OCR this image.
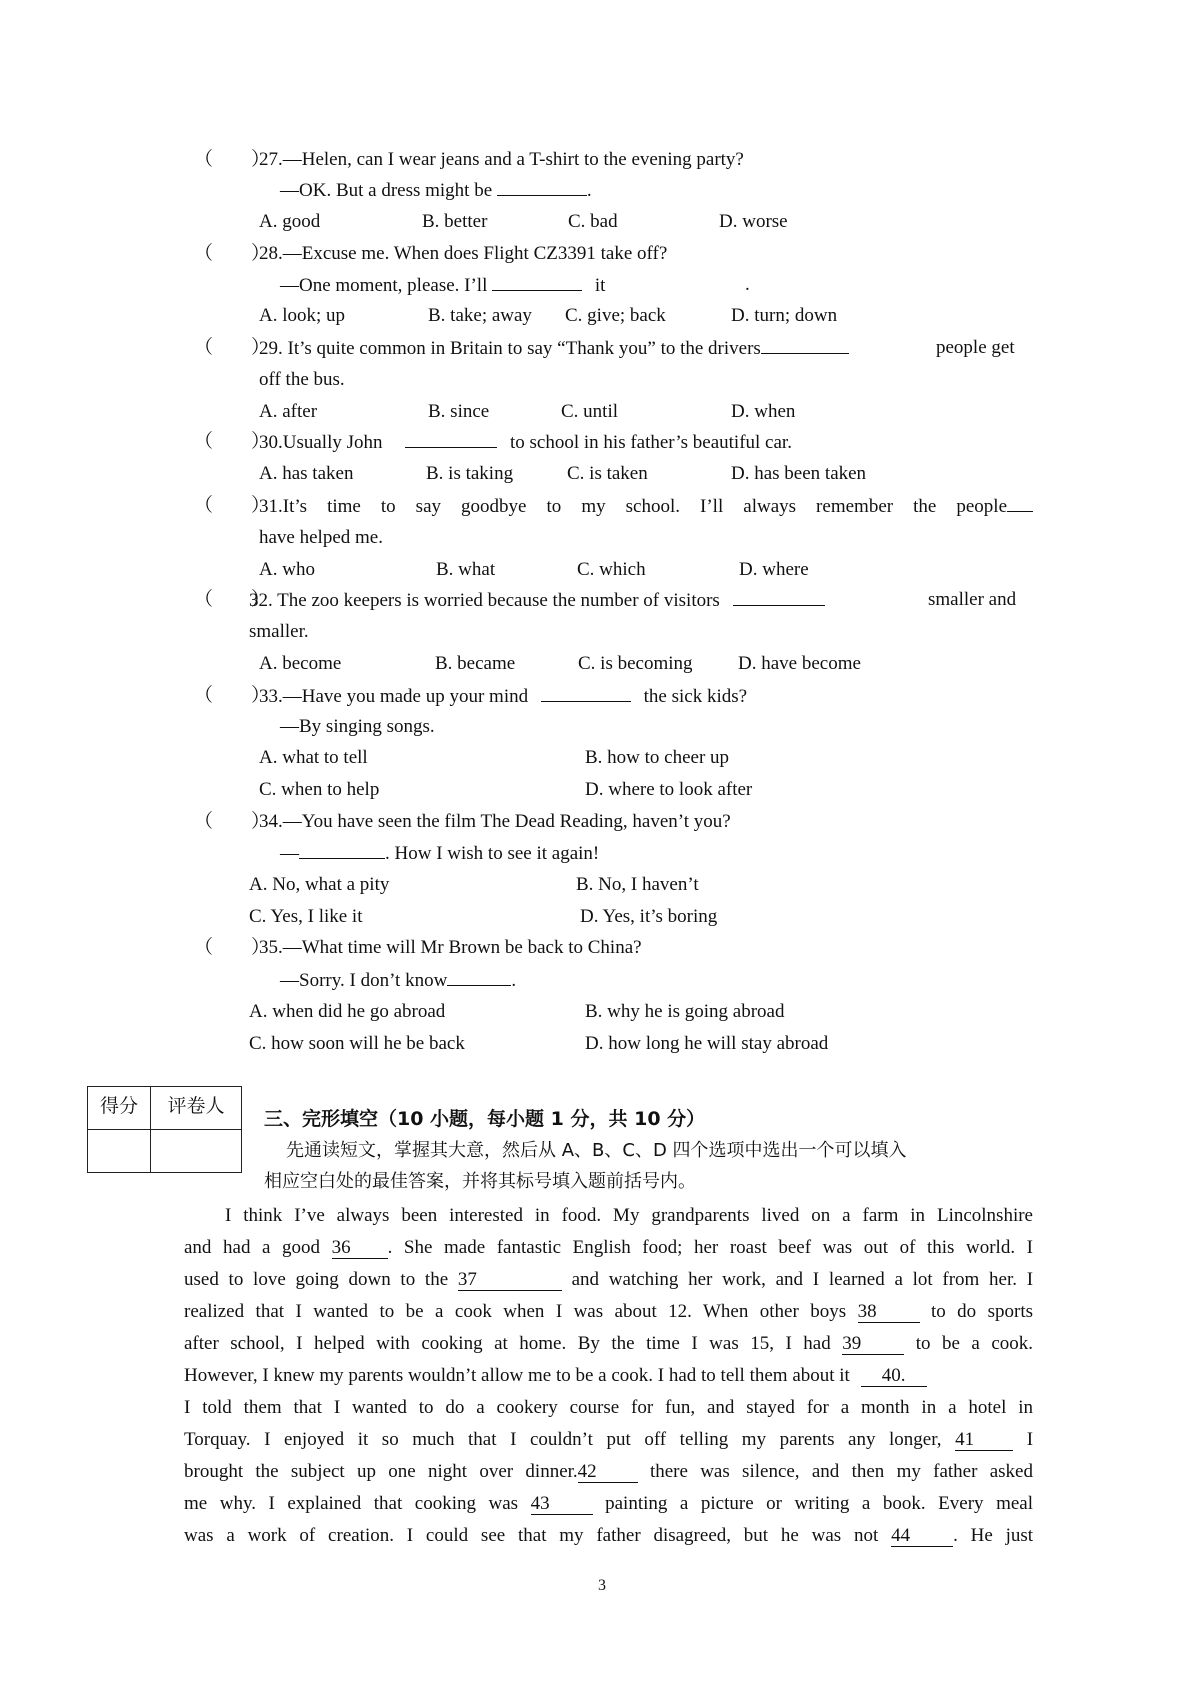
（　　）
27.—Helen, can I wear jeans and a T-shirt to the evening party?
—OK. But a dress might be	.
A. good	B. better	C. bad	D. worse
（　　）
28.—Excuse me. When does Flight CZ3391 take off?
—One moment, please. I’ll	it	.
A. look; up	B. take; away C. give; back	D. turn; down
（　　）
29. It’s quite common in Britain to say “Thank you” to the drivers	people get
off the bus.
A. after	B. since	C. until	D. when
（　　）
30.Usually John	to school in his father’s beautiful car.
A. has taken	B. is taking	C. is taken	D. has been taken
（　　）
31.It’s time to say goodbye to my school. I’ll always remember the people
have helped me.
A. who	B. what	C. which	D. where
（　　）
32. The zoo keepers is worried because the number of visitors	smaller and
smaller.
A. become	B. became	C. is becoming D. have become
（　　）
33.—Have you made up your mind	the sick kids?
—By singing songs.
A. what to tell	B. how to cheer up
C. when to help	D. where to look after
（　　）
34.—You have seen the film The Dead Reading, haven’t you?
—	. How I wish to see it again!
A. No, what a pity	B. No, I haven’t
C. Yes, I like it	D. Yes, it’s boring
（　　）
35.—What time will Mr Brown be back to China?
—Sorry. I don’t know	.
A. when did he go abroad	B. why he is going abroad
C. how soon will he be back	D. how long he will stay abroad
得分	评卷人

三、完形填空（10 小题，每小题 1 分，共 10 分）
先通读短文，掌握其大意，然后从 A、B、C、D 四个选项中选出一个可以填入
相应空白处的最佳答案，并将其标号填入题前括号内。
I think I’ve always been interested in food. My grandparents lived on a farm in Lincolnshire
and had a good 36 . She made fantastic English food; her roast beef was out of this world. I
used to love going down to the 37	and watching her work, and I learned a lot from her. I
realized that I wanted to be a cook when I was about 12. When other boys 38	to do sports
after school, I helped with cooking at home. By the time I was 15, I had 39	to be a cook.
However, I knew my parents wouldn’t allow me to be a cook. I had to tell them about it 40.
I told them that I wanted to do a cookery course for fun, and stayed for a month in a hotel in
Torquay. I enjoyed it so much that I couldn’t put off telling my parents any longer, 41	I
brought the subject up one night over dinner.42	there was silence, and then my father asked
me why. I explained that cooking was 43	painting a picture or writing a book. Every meal
was a work of creation. I could see that my father disagreed, but he was not 44 . He just
3
